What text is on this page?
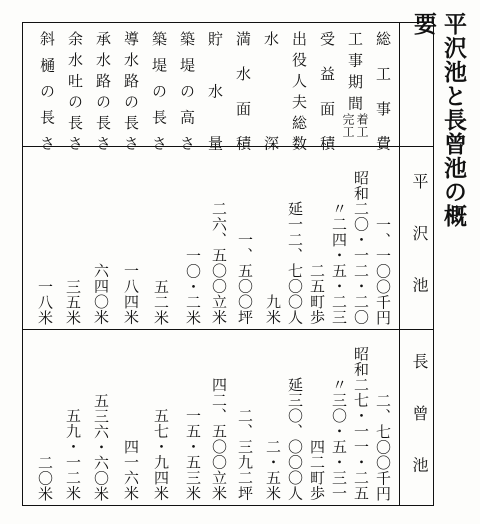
平沢池と長曾池の概要
平 沢 池
長 曾 池
総工事費
工事期間
着工
完工
受益面積
出役人夫総数
水　深
満水面積
貯水量
築堤の高さ
築堤の長さ
導水路の長さ
承水路の長さ
余水吐の長さ
斜樋の長さ
一、一〇〇千円
昭和二〇・一二・二〇
〃二四・五・二三
二五町歩
延一二、七〇〇人
九米
一、五〇〇坪
二六、五〇〇立米
一〇・二米
五二米
一八四米
六四〇米
三五米
一八米
二、七〇〇千円
昭和二七・一一・二五
〃三〇・五・三一
四二町歩
延三〇、〇〇〇人
二・五米
二、三九二坪
四二、五〇〇立米
一五・五三米
五七・九四米
四一六米
五三六・六〇米
五九・一二米
二〇米
